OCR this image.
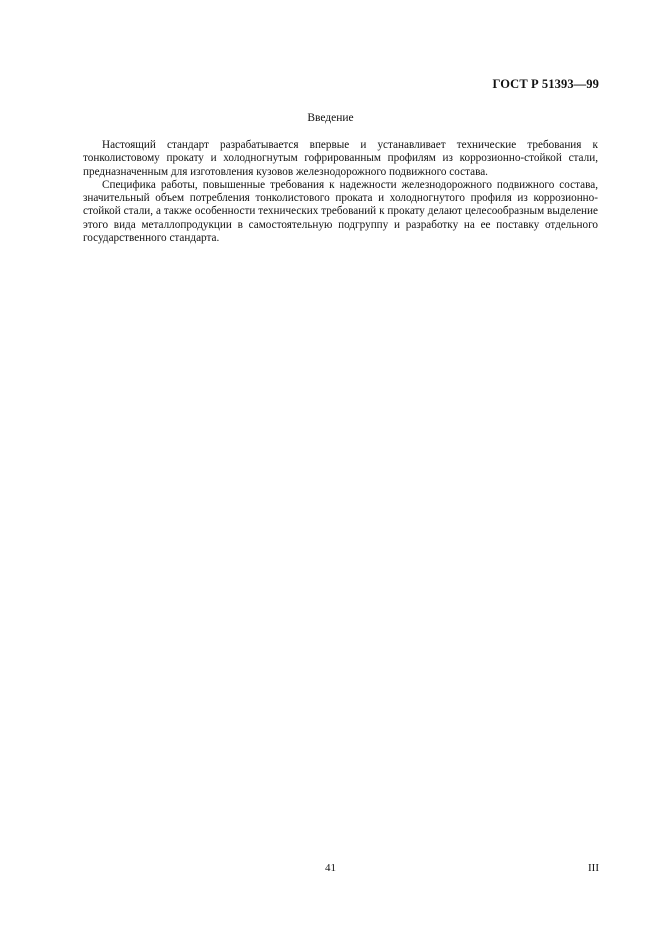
ГОСТ Р 51393—99
Введение

Настоящий стандарт разрабатывается впервые и устанавливает технические требования к
тонколистовому прокату и холодногнутым гофрированным профилям из коррозионно-стойкой стали,
предназначенным для изготовления кузовов железнодорожного подвижного состава.

Специфика работы, повышенные требования к надежности железнодорожного подвижного состава,
значительный объем потребления тонколистового проката и холодногнутого профиля из коррозионно-
стойкой стали, а также особенности технических требований к прокату делают целесообразным выделение
этого вида металлопродукции в самостоятельную подгруппу и разработку на ее поставку отдельного
государственного стандарта.

41	III
